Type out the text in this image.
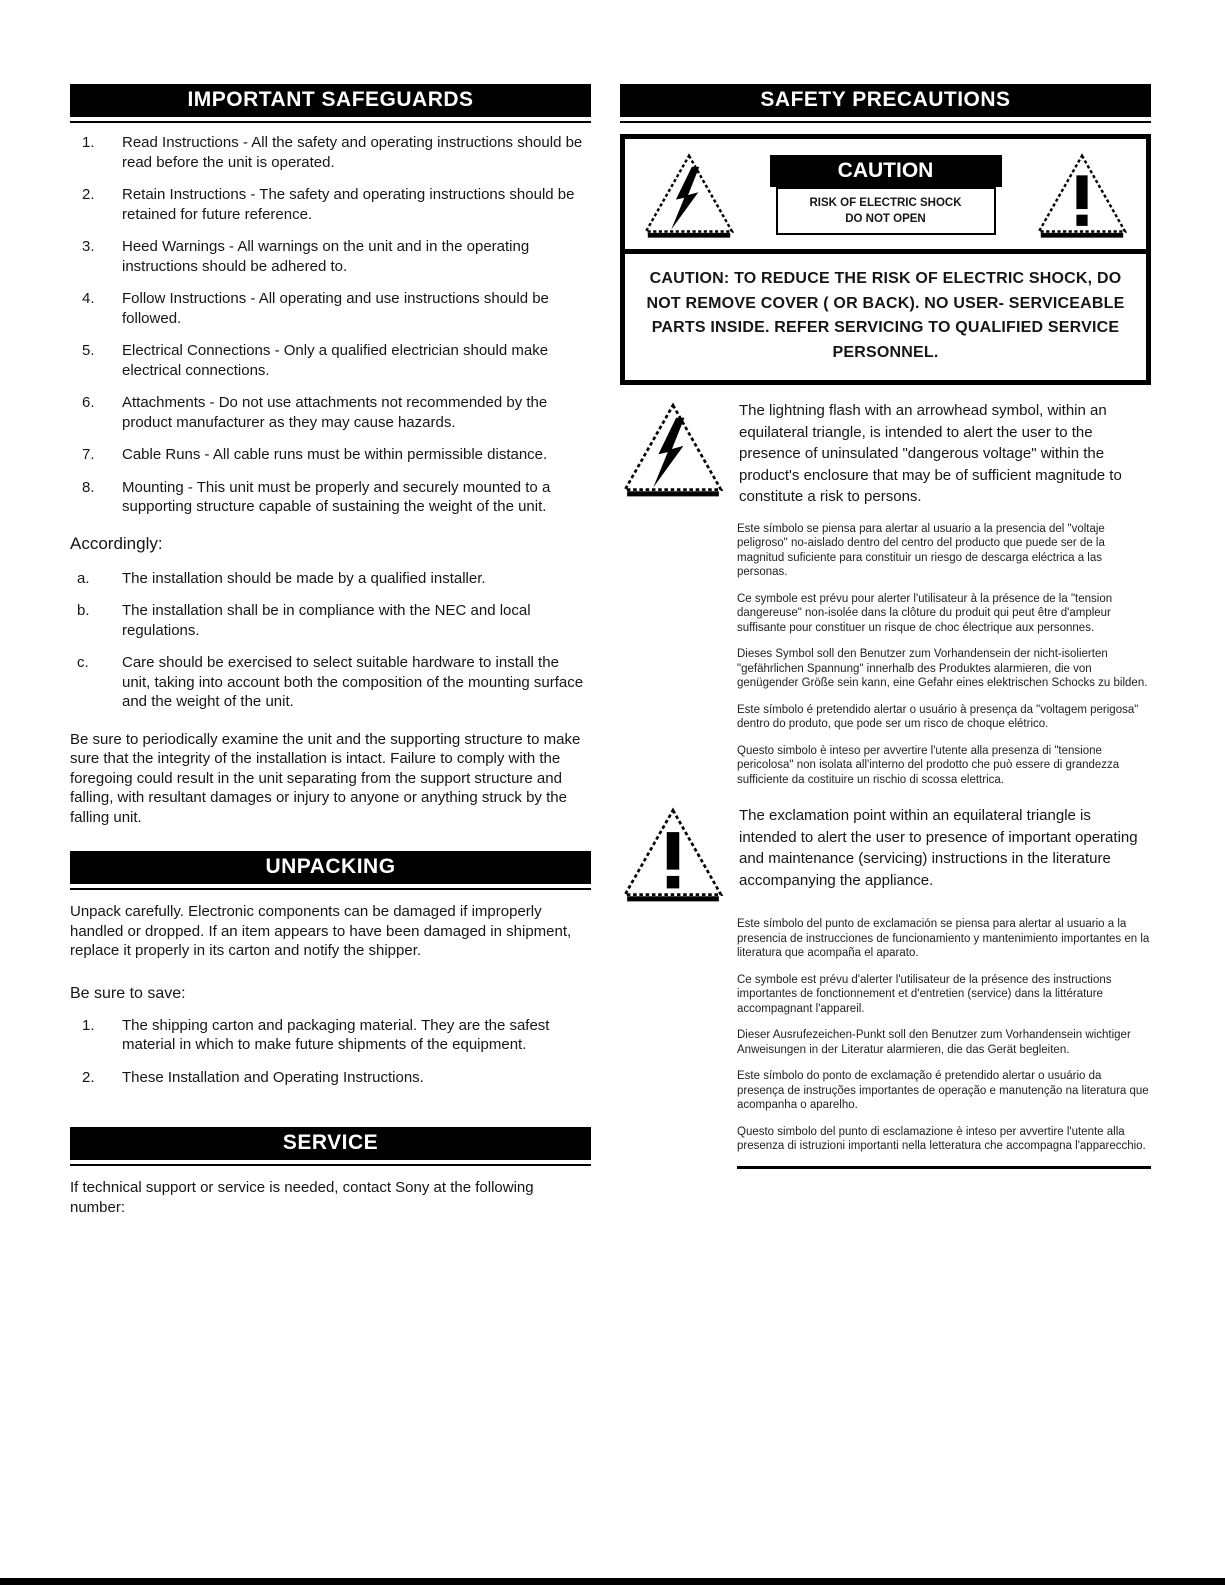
IMPORTANT SAFEGUARDS
1.	Read Instructions - All the safety and operating instructions should be read before the unit is operated.
2.	Retain Instructions - The safety and operating instructions should be retained for future reference.
3.	Heed Warnings - All warnings on the unit and in the operating instructions should be adhered to.
4.	Follow Instructions - All operating and use instructions should be followed.
5.	Electrical Connections - Only a qualified electrician should make electrical connections.
6.	Attachments - Do not use attachments not recommended by the product manufacturer as they may cause hazards.
7.	Cable Runs - All cable runs must be within permissible distance.
8.	Mounting - This unit must be properly and securely mounted to a supporting structure capable of sustaining the weight of the unit.
Accordingly:
a.	The installation should be made by a qualified installer.
b.	The installation shall be in compliance with the NEC and local regulations.
c.	Care should be exercised to select suitable hardware to install the unit, taking into account both the composition of the mounting surface and the weight of the unit.

Be sure to periodically examine the unit and the supporting structure to make sure that the integrity of the installation is intact. Failure to comply with the foregoing could result in the unit separating from the support structure and falling, with resultant damages or injury to anyone or anything struck by the falling unit.

UNPACKING

Unpack carefully. Electronic components can be damaged if improperly handled or dropped. If an item appears to have been damaged in shipment, replace it properly in its carton and notify the shipper.

Be sure to save:
1.	The shipping carton and packaging material. They are the safest material in which to make future shipments of the equipment.
2.	These Installation and Operating Instructions.
SERVICE

If technical support or service is needed, contact Sony at the following number:

SAFETY PRECAUTIONS
CAUTION
RISK OF ELECTRIC SHOCK
DO NOT OPEN
CAUTION: TO REDUCE THE RISK OF ELECTRIC SHOCK, DO NOT REMOVE COVER ( OR BACK). NO USER- SERVICEABLE PARTS INSIDE. REFER SERVICING TO QUALIFIED SERVICE PERSONNEL.

The lightning flash with an arrowhead symbol, within an equilateral triangle, is intended to alert the user to the presence of uninsulated "dangerous voltage" within the product's enclosure that may be of sufficient magnitude to constitute a risk to persons.

Este símbolo se piensa para alertar al usuario a la presencia del "voltaje peligroso" no-aislado dentro del centro del producto que puede ser de la magnitud suficiente para constituir un riesgo de descarga eléctrica a las personas.

Ce symbole est prévu pour alerter l'utilisateur à la présence de la "tension dangereuse" non-isolée dans la clôture du produit qui peut être d'ampleur suffisante pour constituer un risque de choc électrique aux personnes.

Dieses Symbol soll den Benutzer zum Vorhandensein der nicht-isolierten "gefährlichen Spannung" innerhalb des Produktes alarmieren, die von genügender Größe sein kann, eine Gefahr eines elektrischen Schocks zu bilden.

Este símbolo é pretendido alertar o usuário à presença da "voltagem perigosa" dentro do produto, que pode ser um risco de choque elétrico.

Questo simbolo è inteso per avvertire l'utente alla presenza di "tensione pericolosa" non isolata all'interno del prodotto che può essere di grandezza sufficiente da costituire un rischio di scossa elettrica.

The exclamation point within an equilateral triangle is intended to alert the user to presence of important operating and maintenance (servicing) instructions in the literature accompanying the appliance.

Este símbolo del punto de exclamación se piensa para alertar al usuario a la presencia de instrucciones de funcionamiento y mantenimiento importantes en la literatura que acompaña el aparato.

Ce symbole est prévu d'alerter l'utilisateur de la présence des instructions importantes de fonctionnement et d'entretien (service) dans la littérature accompagnant l'appareil.

Dieser Ausrufezeichen-Punkt soll den Benutzer zum Vorhandensein wichtiger Anweisungen in der Literatur alarmieren, die das Gerät begleiten.

Este símbolo do ponto de exclamação é pretendido alertar o usuário da presença de instruções importantes de operação e manutenção na literatura que acompanha o aparelho.

Questo simbolo del punto di esclamazione è inteso per avvertire l'utente alla presenza di istruzioni importanti nella letteratura che accompagna l'apparecchio.
